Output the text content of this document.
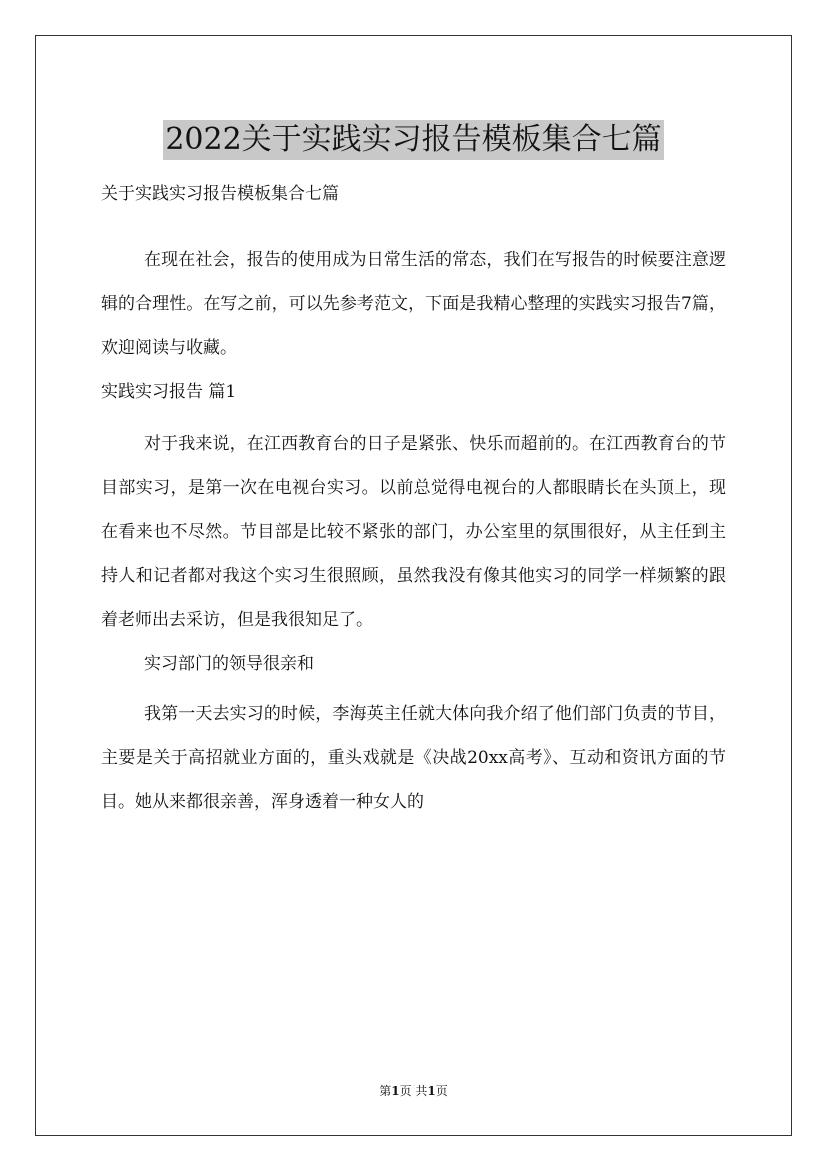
2022关于实践实习报告模板集合七篇

关于实践实习报告模板集合七篇

在现在社会，报告的使用成为日常生活的常态，我们在写报告的时候要注意逻辑的合理性。在写之前，可以先参考范文，下面是我精心整理的实践实习报告7篇，欢迎阅读与收藏。

实践实习报告 篇1

对于我来说，在江西教育台的日子是紧张、快乐而超前的。在江西教育台的节目部实习，是第一次在电视台实习。以前总觉得电视台的人都眼睛长在头顶上，现在看来也不尽然。节目部是比较不紧张的部门，办公室里的氛围很好，从主任到主持人和记者都对我这个实习生很照顾，虽然我没有像其他实习的同学一样频繁的跟着老师出去采访，但是我很知足了。

实习部门的领导很亲和

我第一天去实习的时候，李海英主任就大体向我介绍了他们部门负责的节目，主要是关于高招就业方面的，重头戏就是《决战20xx高考》、互动和资讯方面的节目。她从来都很亲善，浑身透着一种女人的

第1页 共1页
